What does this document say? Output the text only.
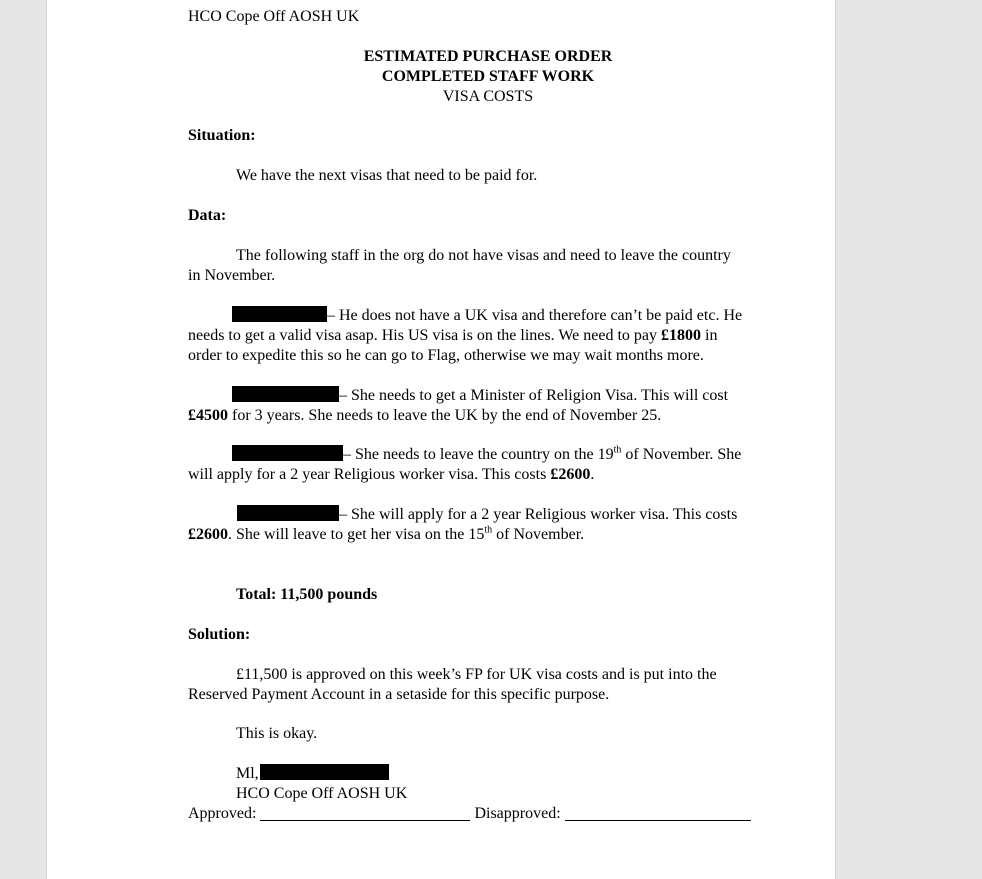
HCO Cope Off AOSH UK
ESTIMATED PURCHASE ORDER
COMPLETED STAFF WORK
VISA COSTS
Situation:
We have the next visas that need to be paid for.
Data:
The following staff in the org do not have visas and need to leave the country
in November.
– He does not have a UK visa and therefore can’t be paid etc. He
needs to get a valid visa asap. His US visa is on the lines. We need to pay £1800 in
order to expedite this so he can go to Flag, otherwise we may wait months more.
– She needs to get a Minister of Religion Visa. This will cost
£4500 for 3 years. She needs to leave the UK by the end of November 25.
– She needs to leave the country on the 19th of November. She
will apply for a 2 year Religious worker visa. This costs £2600.
– She will apply for a 2 year Religious worker visa. This costs
£2600. She will leave to get her visa on the 15th of November.
Total: 11,500 pounds
Solution:
£11,500 is approved on this week’s FP for UK visa costs and is put into the
Reserved Payment Account in a setaside for this specific purpose.
This is okay.
Ml,
HCO Cope Off AOSH UK
Approved:	Disapproved:
